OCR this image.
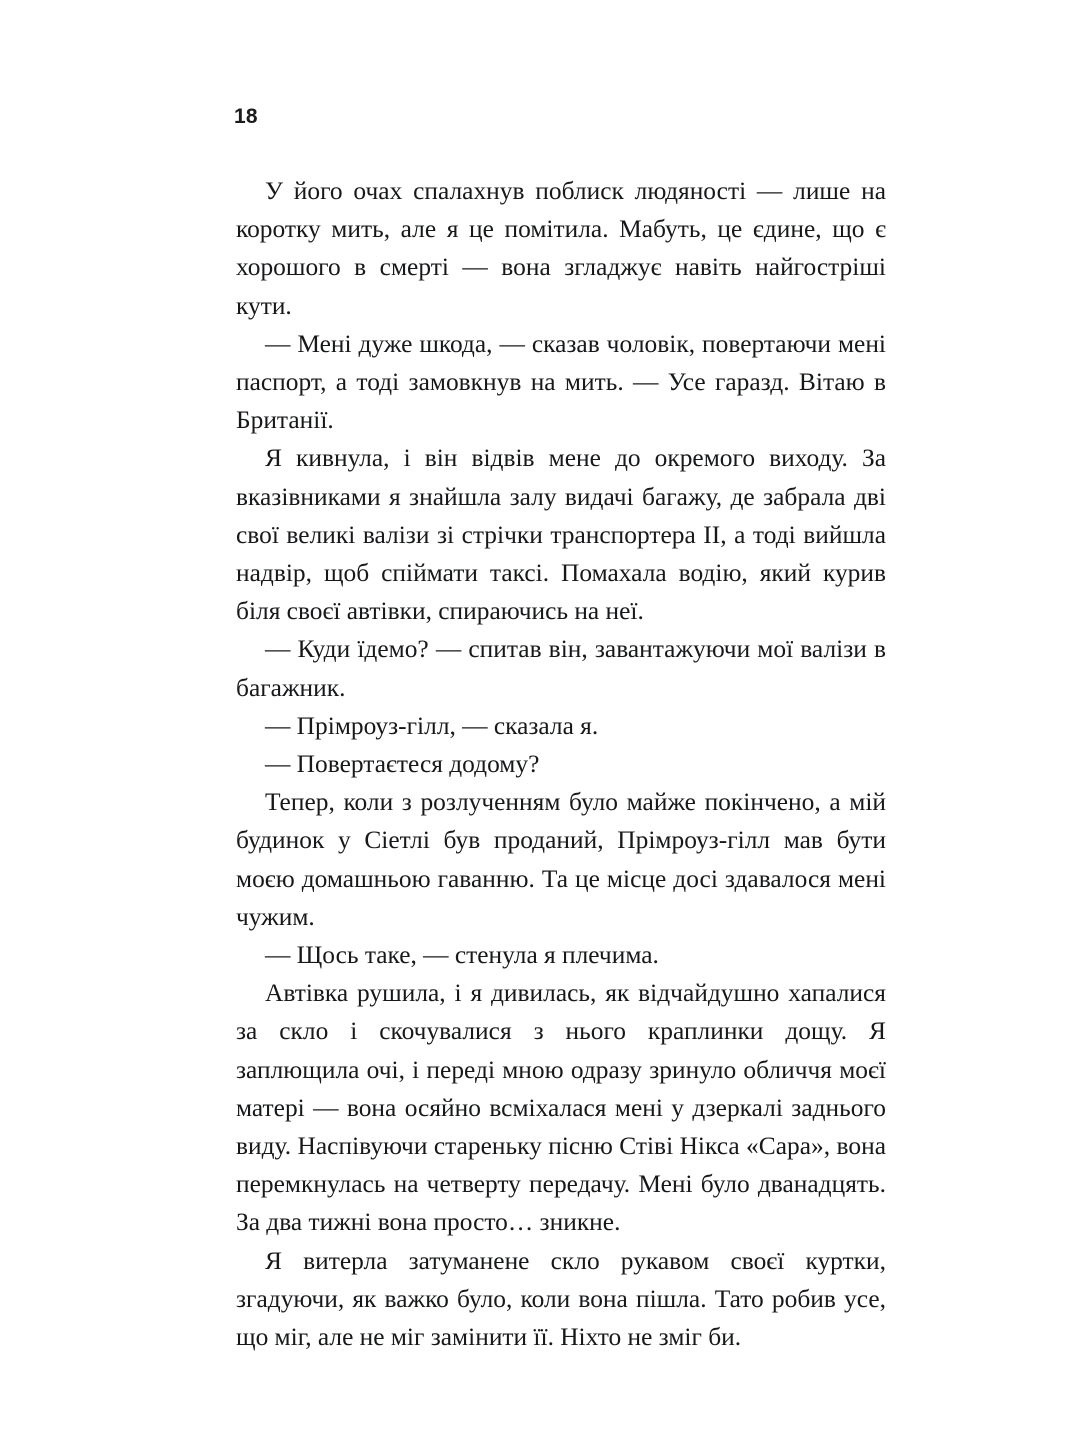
18

У його очах спалахнув поблиск людяності — лише на коротку мить, але я це помітила. Мабуть, це єдине, що є хорошого в смерті — вона згладжує навіть найгостріші кути.

— Мені дуже шкода, — сказав чоловік, повертаючи мені паспорт, а тоді замовкнув на мить. — Усе гаразд. Вітаю в Британії.

Я кивнула, і він відвів мене до окремого виходу. За вказівниками я знайшла залу видачі багажу, де забрала дві свої великі валізи зі стрічки транспортера II, а тоді вийшла надвір, щоб спіймати таксі. Помахала водію, який курив біля своєї автівки, спираючись на неї.

— Куди їдемо? — спитав він, завантажуючи мої валізи в багажник.

— Прімроуз-гілл, — сказала я.

— Повертаєтеся додому?

Тепер, коли з розлученням було майже покінчено, а мій будинок у Сіетлі був проданий, Прімроуз-гілл мав бути моєю домашньою гаванню. Та це місце досі здавалося мені чужим.

— Щось таке, — стенула я плечима.

Автівка рушила, і я дивилась, як відчайдушно хапалися за скло і скочувалися з нього краплинки дощу. Я заплющила очі, і переді мною одразу зринуло обличчя моєї матері — вона осяйно всміхалася мені у дзеркалі заднього виду. Наспівуючи стареньку пісню Стіві Нікса «Сара», вона перемкнулась на четверту передачу. Мені було дванадцять. За два тижні вона просто… зникне.

Я витерла затуманене скло рукавом своєї куртки, згадуючи, як важко було, коли вона пішла. Тато робив усе, що міг, але не міг замінити її. Ніхто не зміг би.
